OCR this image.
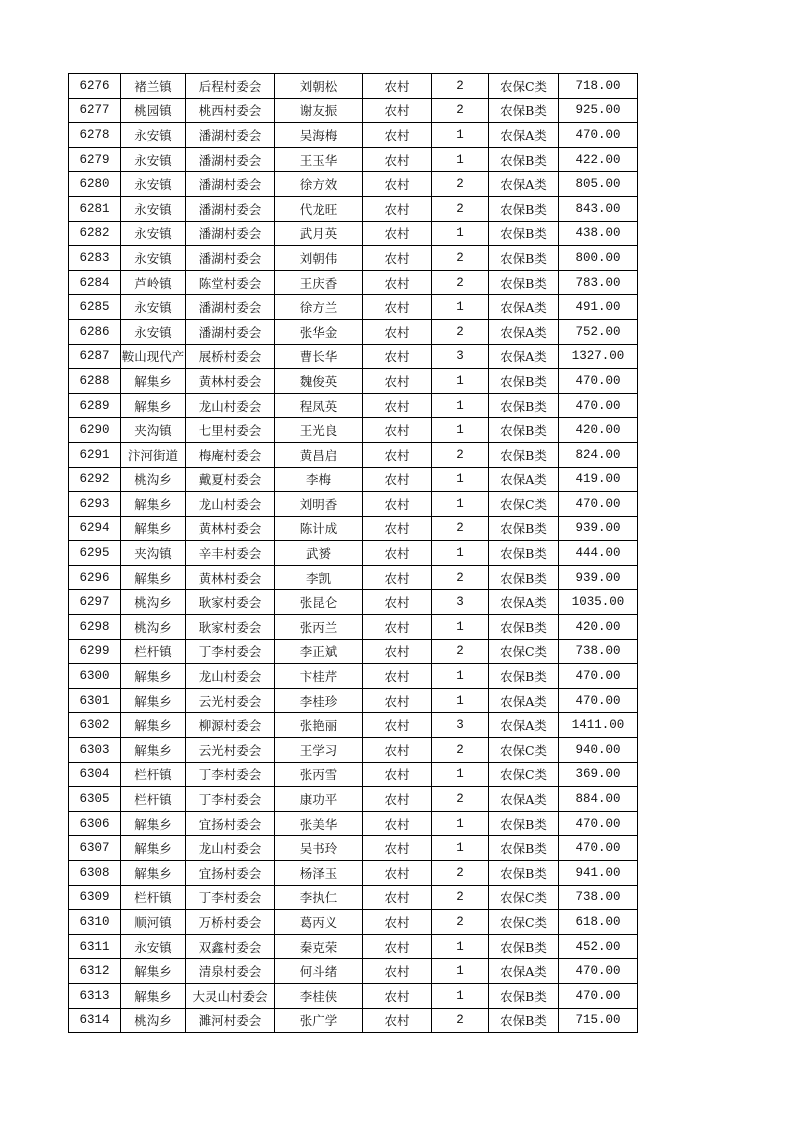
6276	褚兰镇	后程村委会	刘朝松	农村	2	农保C类	718.00
6277	桃园镇	桃西村委会	谢友振	农村	2	农保B类	925.00
6278	永安镇	潘湖村委会	吴海梅	农村	1	农保A类	470.00
6279	永安镇	潘湖村委会	王玉华	农村	1	农保B类	422.00
6280	永安镇	潘湖村委会	徐方效	农村	2	农保A类	805.00
6281	永安镇	潘湖村委会	代龙旺	农村	2	农保B类	843.00
6282	永安镇	潘湖村委会	武月英	农村	1	农保B类	438.00
6283	永安镇	潘湖村委会	刘朝伟	农村	2	农保B类	800.00
6284	芦岭镇	陈堂村委会	王庆香	农村	2	农保B类	783.00
6285	永安镇	潘湖村委会	徐方兰	农村	1	农保A类	491.00
6286	永安镇	潘湖村委会	张华金	农村	2	农保A类	752.00
6287	鞍山现代产	展桥村委会	曹长华	农村	3	农保A类	1327.00
6288	解集乡	黄林村委会	魏俊英	农村	1	农保B类	470.00
6289	解集乡	龙山村委会	程凤英	农村	1	农保B类	470.00
6290	夹沟镇	七里村委会	王光良	农村	1	农保B类	420.00
6291	汴河街道	梅庵村委会	黄昌启	农村	2	农保B类	824.00
6292	桃沟乡	戴夏村委会	李梅	农村	1	农保A类	419.00
6293	解集乡	龙山村委会	刘明香	农村	1	农保C类	470.00
6294	解集乡	黄林村委会	陈计成	农村	2	农保B类	939.00
6295	夹沟镇	辛丰村委会	武赟	农村	1	农保B类	444.00
6296	解集乡	黄林村委会	李凯	农村	2	农保B类	939.00
6297	桃沟乡	耿家村委会	张昆仑	农村	3	农保A类	1035.00
6298	桃沟乡	耿家村委会	张丙兰	农村	1	农保B类	420.00
6299	栏杆镇	丁李村委会	李正斌	农村	2	农保C类	738.00
6300	解集乡	龙山村委会	卞桂芹	农村	1	农保B类	470.00
6301	解集乡	云光村委会	李桂珍	农村	1	农保A类	470.00
6302	解集乡	柳源村委会	张艳丽	农村	3	农保A类	1411.00
6303	解集乡	云光村委会	王学习	农村	2	农保C类	940.00
6304	栏杆镇	丁李村委会	张丙雪	农村	1	农保C类	369.00
6305	栏杆镇	丁李村委会	康功平	农村	2	农保A类	884.00
6306	解集乡	宜扬村委会	张美华	农村	1	农保B类	470.00
6307	解集乡	龙山村委会	吴书玲	农村	1	农保B类	470.00
6308	解集乡	宜扬村委会	杨泽玉	农村	2	农保B类	941.00
6309	栏杆镇	丁李村委会	李执仁	农村	2	农保C类	738.00
6310	顺河镇	万桥村委会	葛丙义	农村	2	农保C类	618.00
6311	永安镇	双鑫村委会	秦克荣	农村	1	农保B类	452.00
6312	解集乡	清泉村委会	何斗绪	农村	1	农保A类	470.00
6313	解集乡	大灵山村委会	李桂侠	农村	1	农保B类	470.00
6314	桃沟乡	濉河村委会	张广学	农村	2	农保B类	715.00
